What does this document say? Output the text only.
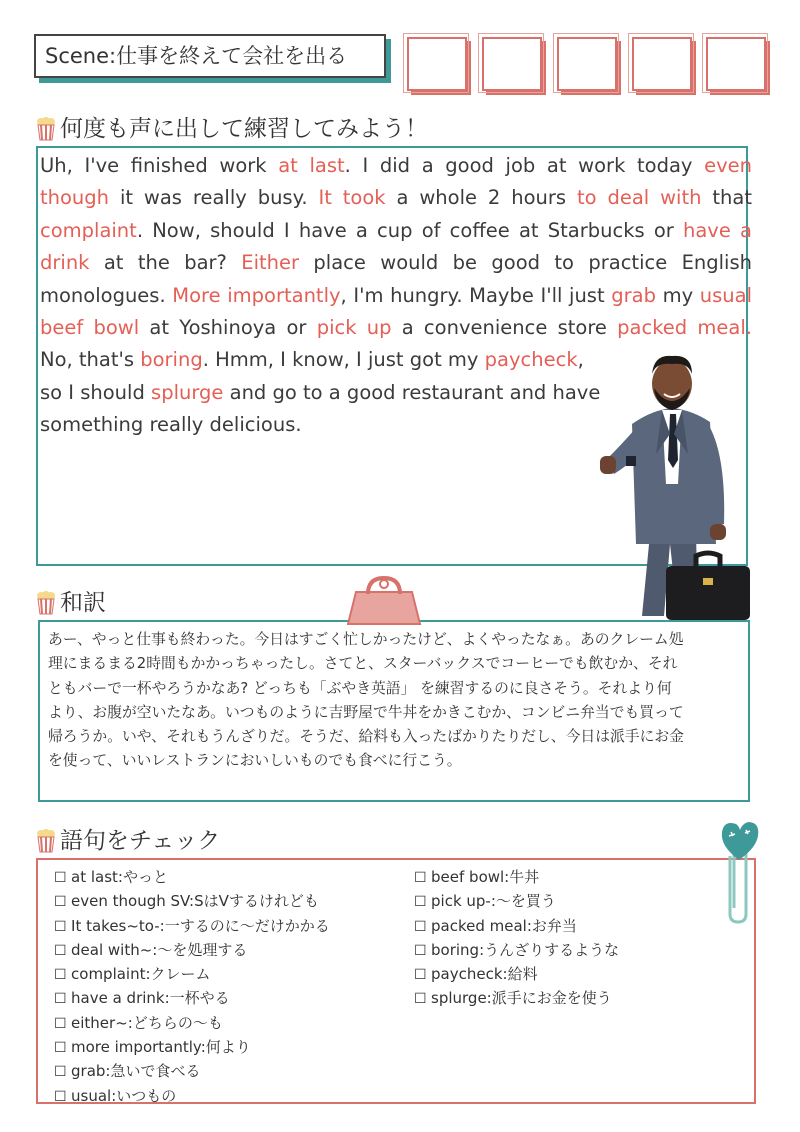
Scene:仕事を終えて会社を出る
何度も声に出して練習してみよう！
Uh, I've finished work at last. I did a good job at work today even
though it was really busy. It took a whole 2 hours to deal with that
complaint. Now, should I have a cup of coffee at Starbucks or have a
drink at the bar? Either place would be good to practice English
monologues. More importantly, I'm hungry. Maybe I'll just grab my usual
beef bowl at Yoshinoya or pick up a convenience store packed meal.
No, that's boring. Hmm, I know, I just got my paycheck,
so I should splurge and go to a good restaurant and have
something really delicious.
和訳
あー、やっと仕事も終わった。今日はすごく忙しかったけど、よくやったなぁ。あのクレーム処
理にまるまる2時間もかかっちゃったし。さてと、スターバックスでコーヒーでも飲むか、それ
ともバーで一杯やろうかなあ? どっちも「ぶやき英語」 を練習するのに良さそう。それより何
より、お腹が空いたなあ。いつものように吉野屋で牛丼をかきこむか、コンビニ弁当でも買って
帰ろうか。いや、それもうんざりだ。そうだ、給料も入ったばかりたりだし、今日は派手にお金
を使って、いいレストランにおいしいものでも食べに行こう。
語句をチェック
☐ at last:やっと
☐ even though SV:SはVするけれども
☐ It takes~to-:一するのに～だけかかる
☐ deal with~:～を処理する
☐ complaint:クレーム
☐ have a drink:一杯やる
☐ either~:どちらの～も
☐ more importantly:何より
☐ grab:急いで食べる
☐ usual:いつもの
☐ beef bowl:牛丼
☐ pick up-:～を買う
☐ packed meal:お弁当
☐ boring:うんざりするような
☐ paycheck:給料
☐ splurge:派手にお金を使う
